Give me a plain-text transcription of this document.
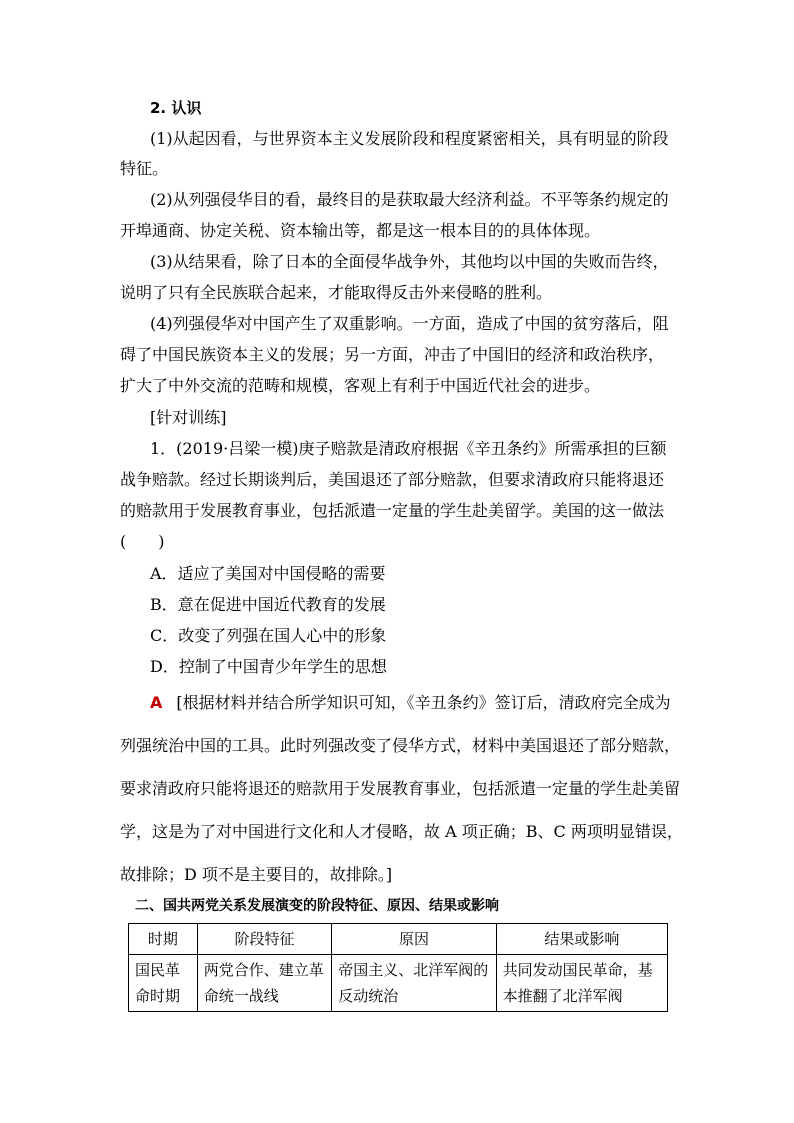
2. 认识
(1)从起因看，与世界资本主义发展阶段和程度紧密相关，具有明显的阶段
特征。
(2)从列强侵华目的看，最终目的是获取最大经济利益。不平等条约规定的
开埠通商、协定关税、资本输出等，都是这一根本目的的具体体现。
(3)从结果看，除了日本的全面侵华战争外，其他均以中国的失败而告终，
说明了只有全民族联合起来，才能取得反击外来侵略的胜利。
(4)列强侵华对中国产生了双重影响。一方面，造成了中国的贫穷落后，阻
碍了中国民族资本主义的发展；另一方面，冲击了中国旧的经济和政治秩序，
扩大了中外交流的范畴和规模，客观上有利于中国近代社会的进步。
[针对训练]
1．(2019·吕梁一模)庚子赔款是清政府根据《辛丑条约》所需承担的巨额
战争赔款。经过长期谈判后，美国退还了部分赔款，但要求清政府只能将退还
的赔款用于发展教育事业，包括派遣一定量的学生赴美留学。美国的这一做法
(　　)
A．适应了美国对中国侵略的需要
B．意在促进中国近代教育的发展
C．改变了列强在国人心中的形象
D．控制了中国青少年学生的思想
A [根据材料并结合所学知识可知，《辛丑条约》签订后，清政府完全成为
列强统治中国的工具。此时列强改变了侵华方式，材料中美国退还了部分赔款，
要求清政府只能将退还的赔款用于发展教育事业，包括派遣一定量的学生赴美留
学，这是为了对中国进行文化和人才侵略，故 A 项正确；B、C 两项明显错误，
故排除；D 项不是主要目的，故排除。]
二、国共两党关系发展演变的阶段特征、原因、结果或影响
时期	阶段特征	原因	结果或影响
国民革命时期	两党合作、建立革命统一战线	帝国主义、北洋军阀的反动统治	共同发动国民革命，基本推翻了北洋军阀
